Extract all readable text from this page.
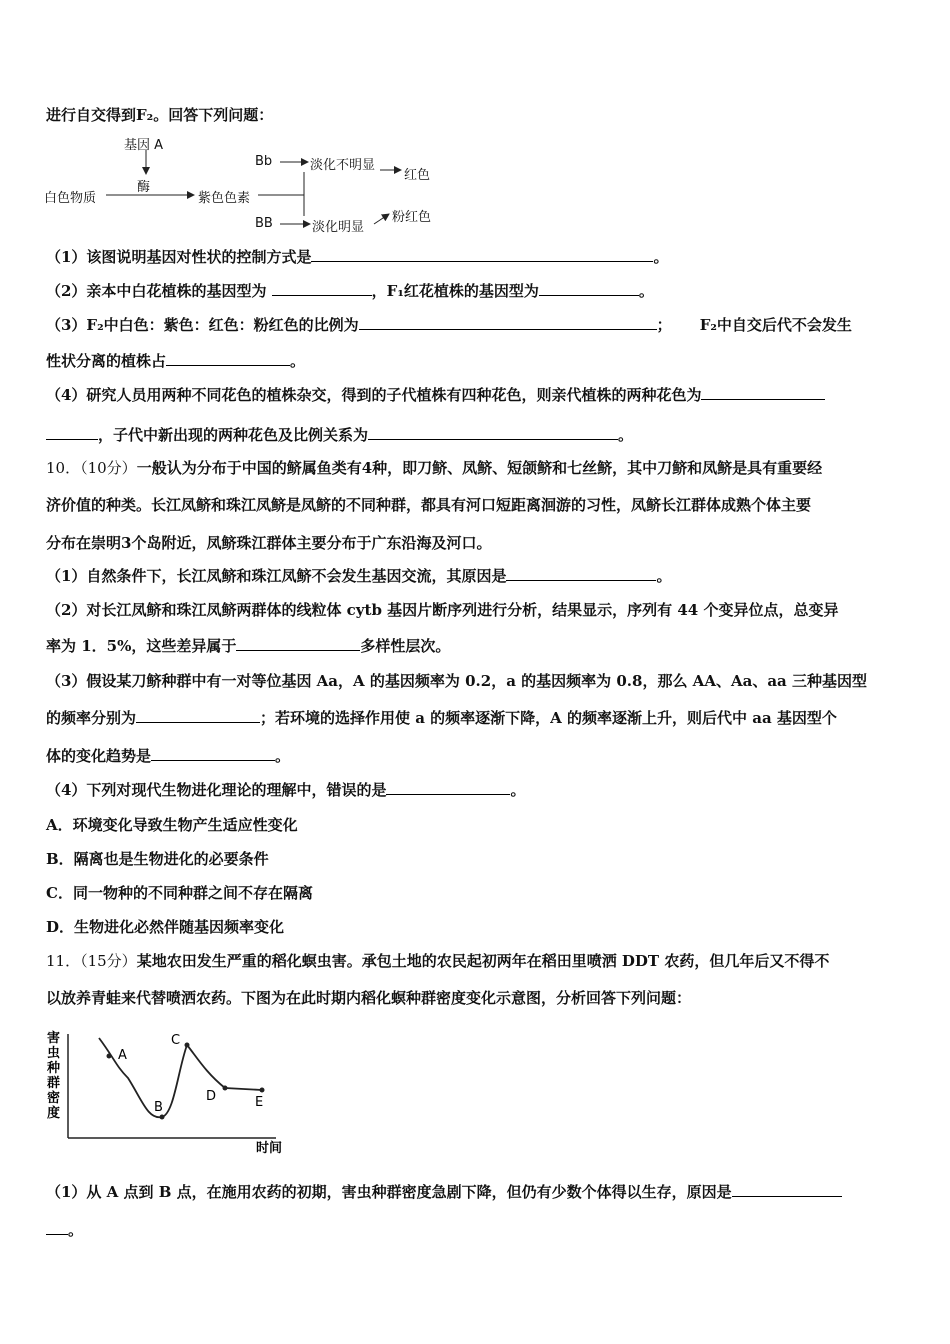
进行自交得到F₂。回答下列问题：
基因 A
酶
白色物质	紫色色素
Bb
BB
淡化不明显
淡化明显
红色
粉红色
（1）该图说明基因对性状的控制方式是	。
（2）亲本中白花植株的基因型为	，F₁红花植株的基因型为	。
（3）F₂中白色：紫色：红色：粉红色的比例为	； F₂中自交后代不会发生
性状分离的植株占	。
（4）研究人员用两种不同花色的植株杂交，得到的子代植株有四种花色，则亲代植株的两种花色为
，子代中新出现的两种花色及比例关系为	。
10．（10分）一般认为分布于中国的鲚属鱼类有4种，即刀鲚、凤鲚、短颌鲚和七丝鲚，其中刀鲚和凤鲚是具有重要经
济价值的种类。长江凤鲚和珠江凤鲚是凤鲚的不同种群，都具有河口短距离洄游的习性，凤鲚长江群体成熟个体主要
分布在崇明3个岛附近，凤鲚珠江群体主要分布于广东沿海及河口。
（1）自然条件下，长江凤鲚和珠江凤鲚不会发生基因交流，其原因是	。
（2）对长江凤鲚和珠江凤鲚两群体的线粒体 cytb 基因片断序列进行分析，结果显示，序列有 44 个变异位点，总变异
率为 1．5%，这些差异属于	多样性层次。
（3）假设某刀鲚种群中有一对等位基因 Aa，A 的基因频率为 0.2，a 的基因频率为 0.8，那么 AA、Aa、aa 三种基因型
的频率分别为	；若环境的选择作用使 a 的频率逐渐下降，A 的频率逐渐上升，则后代中 aa 基因型个
体的变化趋势是	。
（4）下列对现代生物进化理论的理解中，错误的是	。
A．环境变化导致生物产生适应性变化
B．隔离也是生物进化的必要条件
C．同一物种的不同种群之间不存在隔离
D．生物进化必然伴随基因频率变化
11．（15分）某地农田发生严重的稻化螟虫害。承包土地的农民起初两年在稻田里喷洒 DDT 农药，但几年后又不得不
以放养青蛙来代替喷洒农药。下图为在此时期内稻化螟种群密度变化示意图，分析回答下列问题：
害
虫
种
群
密
度
时间
A
B
C
D	E
（1）从 A 点到 B 点，在施用农药的初期，害虫种群密度急剧下降，但仍有少数个体得以生存，原因是
。
